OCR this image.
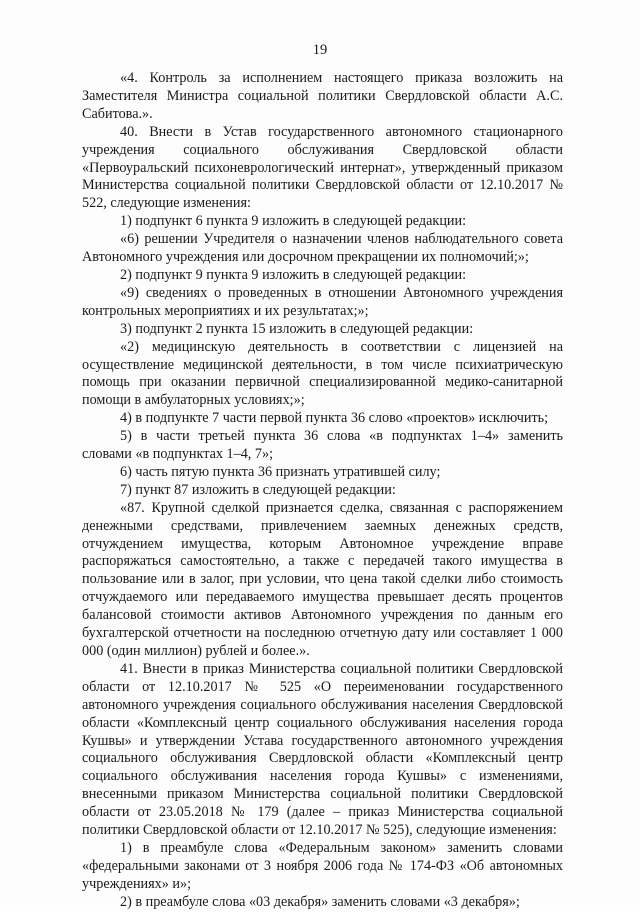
19

«4. Контроль за исполнением настоящего приказа возложить на Заместителя Министра социальной политики Свердловской области А.С. Сабитова.».

40. Внести в Устав государственного автономного стационарного учреждения социального обслуживания Свердловской области «Первоуральский психоневрологический интернат», утвержденный приказом Министерства социальной политики Свердловской области от 12.10.2017 № 522, следующие изменения:

1) подпункт 6 пункта 9 изложить в следующей редакции:

«6) решении Учредителя о назначении членов наблюдательного совета Автономного учреждения или досрочном прекращении их полномочий;»;

2) подпункт 9 пункта 9 изложить в следующей редакции:

«9) сведениях о проведенных в отношении Автономного учреждения контрольных мероприятиях и их результатах;»;

3) подпункт 2 пункта 15 изложить в следующей редакции:

«2) медицинскую деятельность в соответствии с лицензией на осуществление медицинской деятельности, в том числе психиатрическую помощь при оказании первичной специализированной медико-санитарной помощи в амбулаторных условиях;»;

4) в подпункте 7 части первой пункта 36 слово «проектов» исключить;

5) в части третьей пункта 36 слова «в подпунктах 1–4» заменить словами «в подпунктах 1–4, 7»;

6) часть пятую пункта 36 признать утратившей силу;

7) пункт 87 изложить в следующей редакции:

«87. Крупной сделкой признается сделка, связанная с распоряжением денежными средствами, привлечением заемных денежных средств, отчуждением имущества, которым Автономное учреждение вправе распоряжаться самостоятельно, а также с передачей такого имущества в пользование или в залог, при условии, что цена такой сделки либо стоимость отчуждаемого или передаваемого имущества превышает десять процентов балансовой стоимости активов Автономного учреждения по данным его бухгалтерской отчетности на последнюю отчетную дату или составляет 1 000 000 (один миллион) рублей и более.».

41. Внести в приказ Министерства социальной политики Свердловской области от 12.10.2017 № 525 «О переименовании государственного автономного учреждения социального обслуживания населения Свердловской области «Комплексный центр социального обслуживания населения города Кушвы» и утверждении Устава государственного автономного учреждения социального обслуживания Свердловской области «Комплексный центр социального обслуживания населения города Кушвы» с изменениями, внесенными приказом Министерства социальной политики Свердловской области от 23.05.2018 № 179 (далее – приказ Министерства социальной политики Свердловской области от 12.10.2017 № 525), следующие изменения:

1) в преамбуле слова «Федеральным законом» заменить словами «федеральными законами от 3 ноября 2006 года № 174-ФЗ «Об автономных учреждениях» и»;

2) в преамбуле слова «03 декабря» заменить словами «3 декабря»;
